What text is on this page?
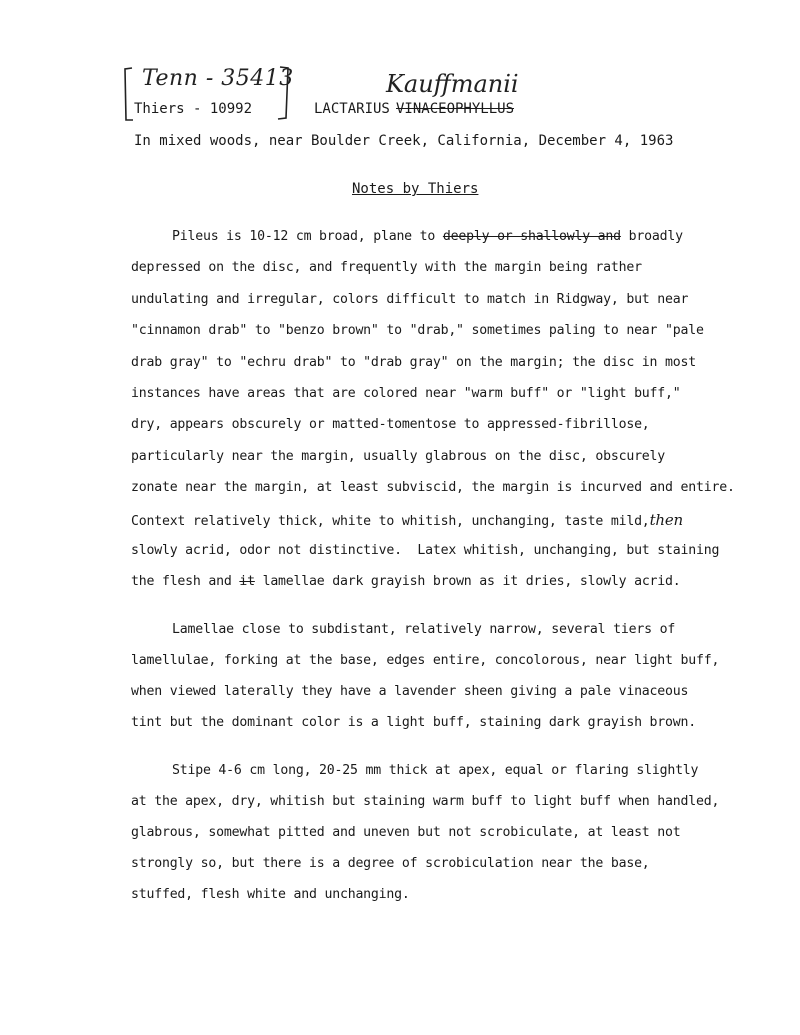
Tenn - 35413
Thiers - 10992	LACTARIUS VINACEOPHYLLUS
Kauffmanii
In mixed woods, near Boulder Creek, California, December 4, 1963
Notes by Thiers
Pileus is 10-12 cm broad, plane to deeply or shallowly and broadly
depressed on the disc, and frequently with the margin being rather
undulating and irregular, colors difficult to match in Ridgway, but near
"cinnamon drab" to "benzo brown" to "drab," sometimes paling to near "pale
drab gray" to "echru drab" to "drab gray" on the margin; the disc in most
instances have areas that are colored near "warm buff" or "light buff,"
dry, appears obscurely or matted-tomentose to appressed-fibrillose,
particularly near the margin, usually glabrous on the disc, obscurely
zonate near the margin, at least subviscid, the margin is incurved and entire.
Context relatively thick, white to whitish, unchanging, taste mild,then
slowly acrid, odor not distinctive.  Latex whitish, unchanging, but staining
the flesh and it lamellae dark grayish brown as it dries, slowly acrid.
Lamellae close to subdistant, relatively narrow, several tiers of
lamellulae, forking at the base, edges entire, concolorous, near light buff,
when viewed laterally they have a lavender sheen giving a pale vinaceous
tint but the dominant color is a light buff, staining dark grayish brown.
Stipe 4-6 cm long, 20-25 mm thick at apex, equal or flaring slightly
at the apex, dry, whitish but staining warm buff to light buff when handled,
glabrous, somewhat pitted and uneven but not scrobiculate, at least not
strongly so, but there is a degree of scrobiculation near the base,
stuffed, flesh white and unchanging.
